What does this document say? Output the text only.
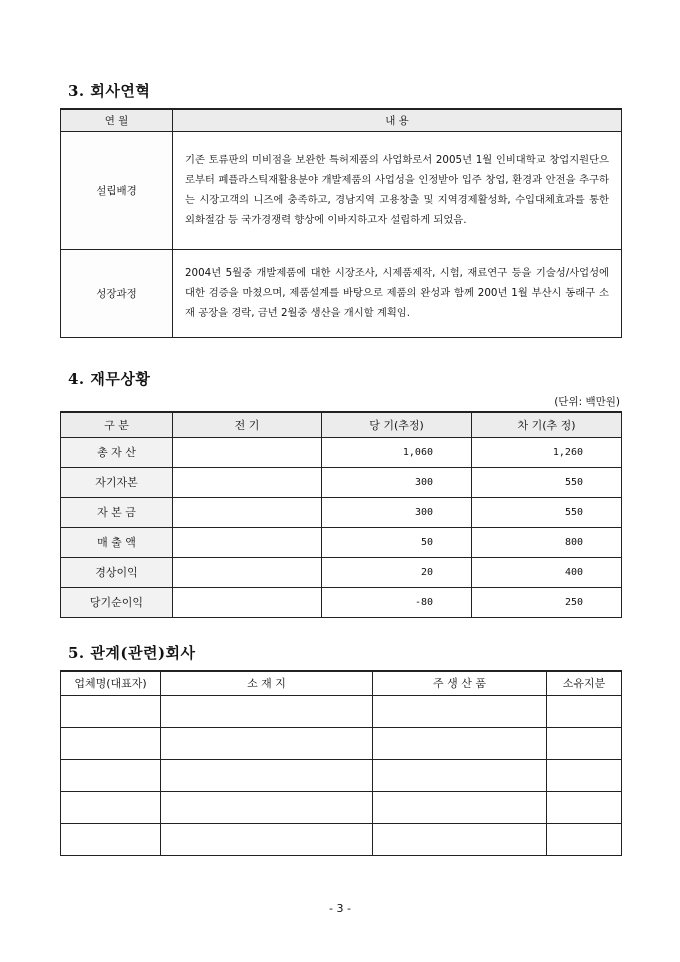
3. 회사연혁
연 월	내 용
설립배경	기존 토류판의 미비점을 보완한 특허제품의 사업화로서 2005년 1월 인비대학교 창업지원단으로부터 폐플라스틱재활용분야 개발제품의 사업성을 인정받아 입주 창업, 환경과 안전을 추구하는 시장고객의 니즈에 충족하고, 경남지역 고용창출 및 지역경제활성화, 수입대체효과를 통한 외화절감 등 국가경쟁력 향상에 이바지하고자 설립하게 되었음.
성장과정	2004년 5월중 개발제품에 대한 시장조사, 시제품제작, 시험, 재료연구 등을 기술성/사업성에 대한 검증을 마쳤으며, 제품설계를 바탕으로 제품의 완성과 함께 200년 1월 부산시 동래구 소재 공장을 경락, 금년 2월중 생산을 개시할 계획임.
4. 재무상황
(단위: 백만원)
구 분	전 기	당 기(추정)	차 기(추 정)
총 자 산		1,060	1,260
자기자본		300	550
자 본 금		300	550
매 출 액		50	800
경상이익		20	400
당기순이익		-80	250
5. 관계(관련)회사
업체명(대표자)	소 재 지	주 생 산 품	소유지분

- 3 -
